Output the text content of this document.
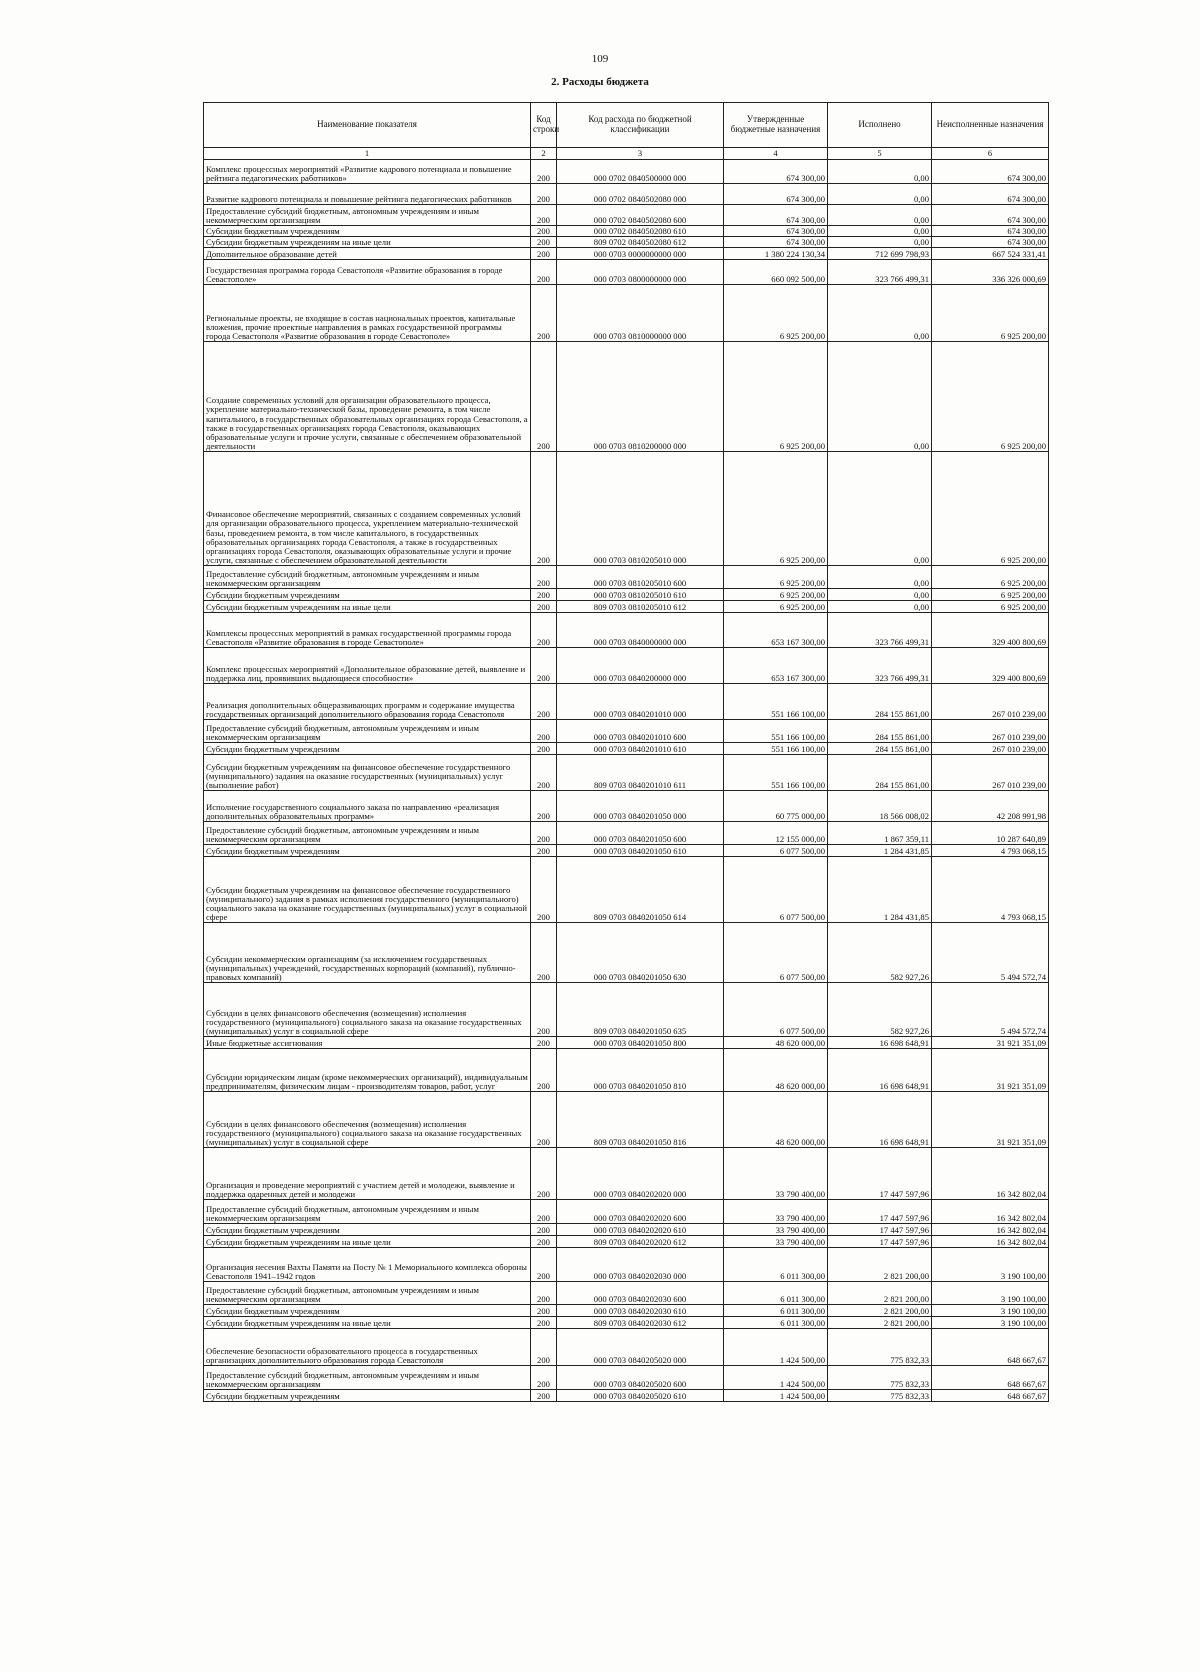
109
2. Расходы бюджета
Наименование показателя	Код строки	Код расхода по бюджетной классификации	Утвержденные бюджетные назначения	Исполнено	Неисполненные назначения
1	2	3	4	5	6
Комплекс процессных мероприятий «Развитие кадрового потенциала и повышение рейтинга педагогических работников»	200	000 0702 0840500000 000	674 300,00	0,00	674 300,00
Развитие кадрового потенциала и повышение рейтинга педагогических работников	200	000 0702 0840502080 000	674 300,00	0,00	674 300,00
Предоставление субсидий бюджетным, автономным учреждениям и иным некоммерческим организациям	200	000 0702 0840502080 600	674 300,00	0,00	674 300,00
Субсидии бюджетным учреждениям	200	000 0702 0840502080 610	674 300,00	0,00	674 300,00
Субсидии бюджетным учреждениям на иные цели	200	809 0702 0840502080 612	674 300,00	0,00	674 300,00
Дополнительное образование детей	200	000 0703 0000000000 000	1 380 224 130,34	712 699 798,93	667 524 331,41
Государственная программа города Севастополя «Развитие образования в городе Севастополе»	200	000 0703 0800000000 000	660 092 500,00	323 766 499,31	336 326 000,69
Региональные проекты, не входящие в состав национальных проектов, капитальные вложения, прочие проектные направления в рамках государственной программы города Севастополя «Развитие образования в городе Севастополе»	200	000 0703 0810000000 000	6 925 200,00	0,00	6 925 200,00
Создание современных условий для организации образовательного процесса, укрепление материально-технической базы, проведение ремонта, в том числе капитального, в государственных образовательных организациях города Севастополя, а также в государственных организациях города Севастополя, оказывающих образовательные услуги и прочие услуги, связанные с обеспечением образовательной деятельности	200	000 0703 0810200000 000	6 925 200,00	0,00	6 925 200,00
Финансовое обеспечение мероприятий, связанных с созданием современных условий для организации образовательного процесса, укреплением материально-технической базы, проведением ремонта, в том числе капитального, в государственных образовательных организациях города Севастополя, а также в государственных организациях города Севастополя, оказывающих образовательные услуги и прочие услуги, связанные с обеспечением образовательной деятельности	200	000 0703 0810205010 000	6 925 200,00	0,00	6 925 200,00
Предоставление субсидий бюджетным, автономным учреждениям и иным некоммерческим организациям	200	000 0703 0810205010 600	6 925 200,00	0,00	6 925 200,00
Субсидии бюджетным учреждениям	200	000 0703 0810205010 610	6 925 200,00	0,00	6 925 200,00
Субсидии бюджетным учреждениям на иные цели	200	809 0703 0810205010 612	6 925 200,00	0,00	6 925 200,00
Комплексы процессных мероприятий в рамках государственной программы города Севастополя «Развитие образования в городе Севастополе»	200	000 0703 0840000000 000	653 167 300,00	323 766 499,31	329 400 800,69
Комплекс процессных мероприятий «Дополнительное образование детей, выявление и поддержка лиц, проявивших выдающиеся способности»	200	000 0703 0840200000 000	653 167 300,00	323 766 499,31	329 400 800,69
Реализация дополнительных общеразвивающих программ и содержание имущества государственных организаций дополнительного образования города Севастополя	200	000 0703 0840201010 000	551 166 100,00	284 155 861,00	267 010 239,00
Предоставление субсидий бюджетным, автономным учреждениям и иным некоммерческим организациям	200	000 0703 0840201010 600	551 166 100,00	284 155 861,00	267 010 239,00
Субсидии бюджетным учреждениям	200	000 0703 0840201010 610	551 166 100,00	284 155 861,00	267 010 239,00
Субсидии бюджетным учреждениям на финансовое обеспечение государственного (муниципального) задания на оказание государственных (муниципальных) услуг (выполнение работ)	200	809 0703 0840201010 611	551 166 100,00	284 155 861,00	267 010 239,00
Исполнение государственного социального заказа по направлению «реализация дополнительных образовательных программ»	200	000 0703 0840201050 000	60 775 000,00	18 566 008,02	42 208 991,98
Предоставление субсидий бюджетным, автономным учреждениям и иным некоммерческим организациям	200	000 0703 0840201050 600	12 155 000,00	1 867 359,11	10 287 640,89
Субсидии бюджетным учреждениям	200	000 0703 0840201050 610	6 077 500,00	1 284 431,85	4 793 068,15
Субсидии бюджетным учреждениям на финансовое обеспечение государственного (муниципального) задания в рамках исполнения государственного (муниципального) социального заказа на оказание государственных (муниципальных) услуг в социальной сфере	200	809 0703 0840201050 614	6 077 500,00	1 284 431,85	4 793 068,15
Субсидии некоммерческим организациям (за исключением государственных (муниципальных) учреждений, государственных корпораций (компаний), публично-правовых компаний)	200	000 0703 0840201050 630	6 077 500,00	582 927,26	5 494 572,74
Субсидии в целях финансового обеспечения (возмещения) исполнения государственного (муниципального) социального заказа на оказание государственных (муниципальных) услуг в социальной сфере	200	809 0703 0840201050 635	6 077 500,00	582 927,26	5 494 572,74
Иные бюджетные ассигнования	200	000 0703 0840201050 800	48 620 000,00	16 698 648,91	31 921 351,09
Субсидии юридическим лицам (кроме некоммерческих организаций), индивидуальным предпринимателям, физическим лицам - производителям товаров, работ, услуг	200	000 0703 0840201050 810	48 620 000,00	16 698 648,91	31 921 351,09
Субсидии в целях финансового обеспечения (возмещения) исполнения государственного (муниципального) социального заказа на оказание государственных (муниципальных) услуг в социальной сфере	200	809 0703 0840201050 816	48 620 000,00	16 698 648,91	31 921 351,09
Организация и проведение мероприятий с участием детей и молодежи, выявление и поддержка одаренных детей и молодежи	200	000 0703 0840202020 000	33 790 400,00	17 447 597,96	16 342 802,04
Предоставление субсидий бюджетным, автономным учреждениям и иным некоммерческим организациям	200	000 0703 0840202020 600	33 790 400,00	17 447 597,96	16 342 802,04
Субсидии бюджетным учреждениям	200	000 0703 0840202020 610	33 790 400,00	17 447 597,96	16 342 802,04
Субсидии бюджетным учреждениям на иные цели	200	809 0703 0840202020 612	33 790 400,00	17 447 597,96	16 342 802,04
Организация несения Вахты Памяти на Посту № 1 Мемориального комплекса обороны Севастополя 1941–1942 годов	200	000 0703 0840202030 000	6 011 300,00	2 821 200,00	3 190 100,00
Предоставление субсидий бюджетным, автономным учреждениям и иным некоммерческим организациям	200	000 0703 0840202030 600	6 011 300,00	2 821 200,00	3 190 100,00
Субсидии бюджетным учреждениям	200	000 0703 0840202030 610	6 011 300,00	2 821 200,00	3 190 100,00
Субсидии бюджетным учреждениям на иные цели	200	809 0703 0840202030 612	6 011 300,00	2 821 200,00	3 190 100,00
Обеспечение безопасности образовательного процесса в государственных организациях дополнительного образования города Севастополя	200	000 0703 0840205020 000	1 424 500,00	775 832,33	648 667,67
Предоставление субсидий бюджетным, автономным учреждениям и иным некоммерческим организациям	200	000 0703 0840205020 600	1 424 500,00	775 832,33	648 667,67
Субсидии бюджетным учреждениям	200	000 0703 0840205020 610	1 424 500,00	775 832,33	648 667,67
